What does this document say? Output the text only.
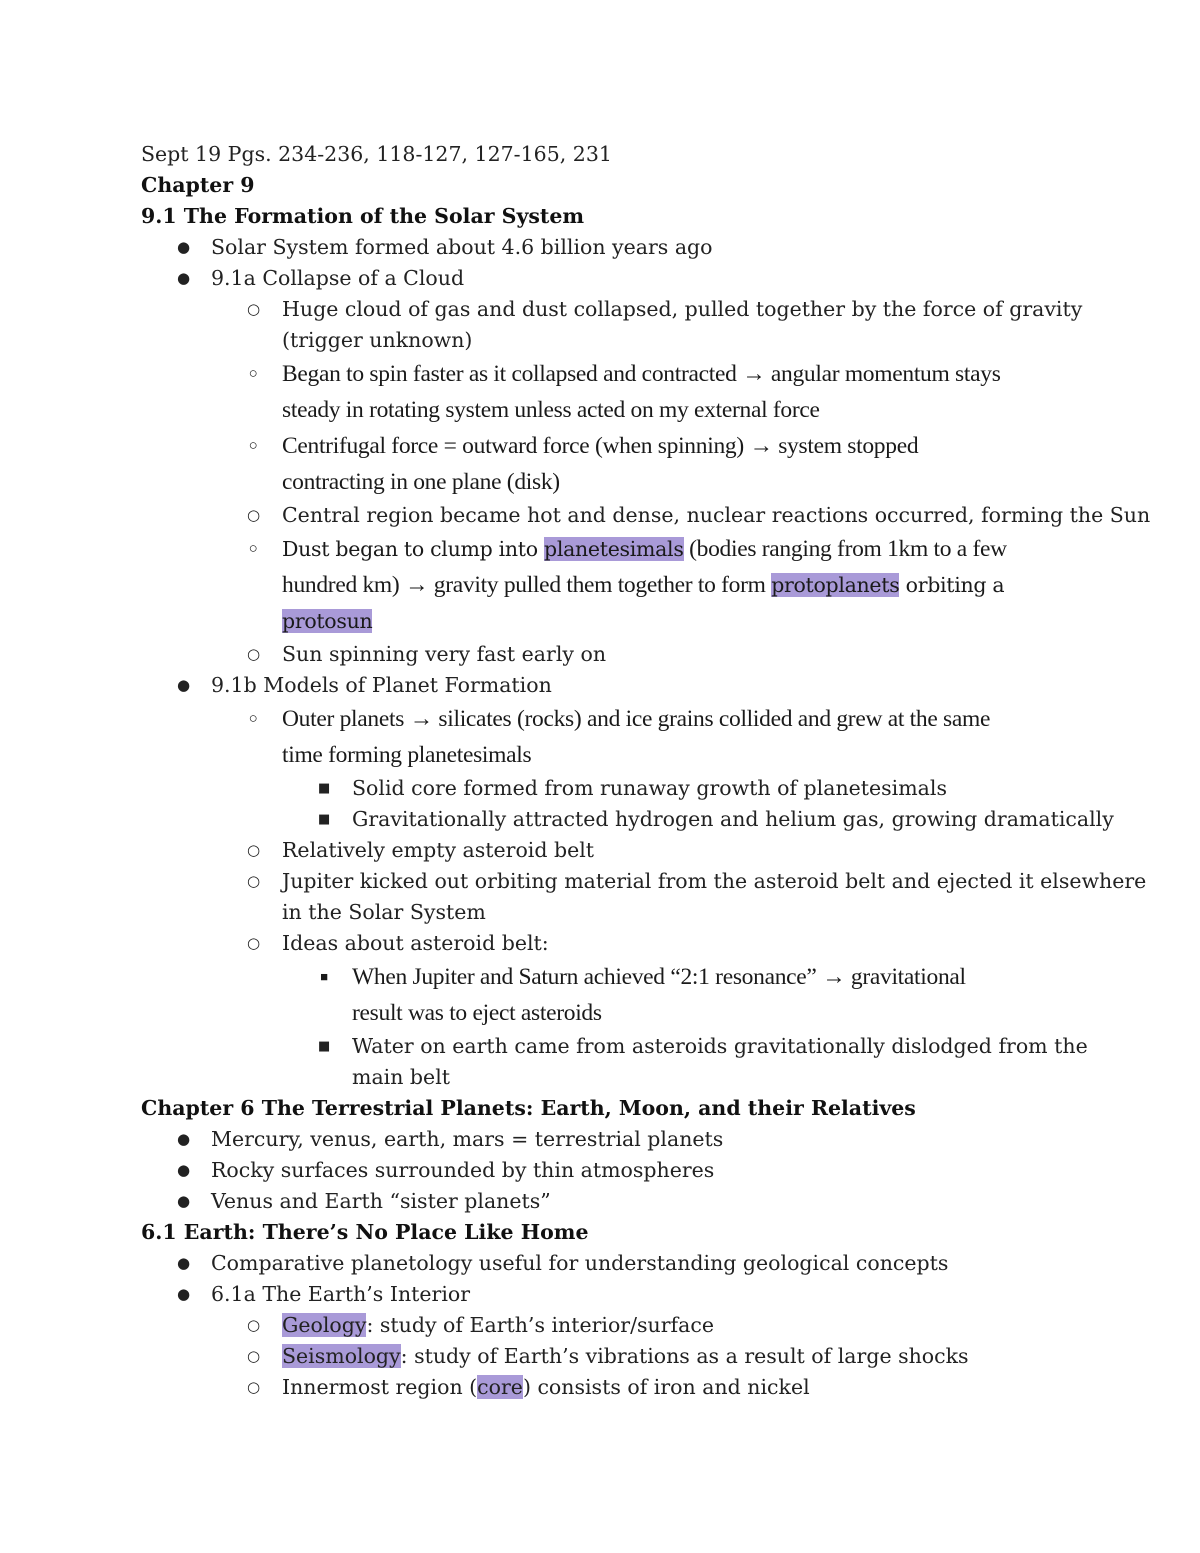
Sept 19 Pgs. 234-236, 118-127, 127-165, 231
Chapter 9
9.1 The Formation of the Solar System
● Solar System formed about 4.6 billion years ago
● 9.1a Collapse of a Cloud
○ Huge cloud of gas and dust collapsed, pulled together by the force of gravity
(trigger unknown)
○ Began to spin faster as it collapsed and contracted → angular momentum stays
steady in rotating system unless acted on my external force
○ Centrifugal force = outward force (when spinning) → system stopped
contracting in one plane (disk)
○ Central region became hot and dense, nuclear reactions occurred, forming the Sun
○ Dust began to clump into planetesimals (bodies ranging from 1km to a few
hundred km) → gravity pulled them together to form protoplanets orbiting a
protosun
○ Sun spinning very fast early on
● 9.1b Models of Planet Formation
○ Outer planets → silicates (rocks) and ice grains collided and grew at the same
time forming planetesimals
■ Solid core formed from runaway growth of planetesimals
■ Gravitationally attracted hydrogen and helium gas, growing dramatically
○ Relatively empty asteroid belt
○ Jupiter kicked out orbiting material from the asteroid belt and ejected it elsewhere
in the Solar System
○ Ideas about asteroid belt:
■ When Jupiter and Saturn achieved “2:1 resonance” → gravitational
result was to eject asteroids
■ Water on earth came from asteroids gravitationally dislodged from the
main belt
Chapter 6 The Terrestrial Planets: Earth, Moon, and their Relatives
● Mercury, venus, earth, mars = terrestrial planets
● Rocky surfaces surrounded by thin atmospheres
● Venus and Earth “sister planets”
6.1 Earth: There’s No Place Like Home
● Comparative planetology useful for understanding geological concepts
● 6.1a The Earth’s Interior
○ Geology: study of Earth’s interior/surface
○ Seismology: study of Earth’s vibrations as a result of large shocks
○ Innermost region (core) consists of iron and nickel
